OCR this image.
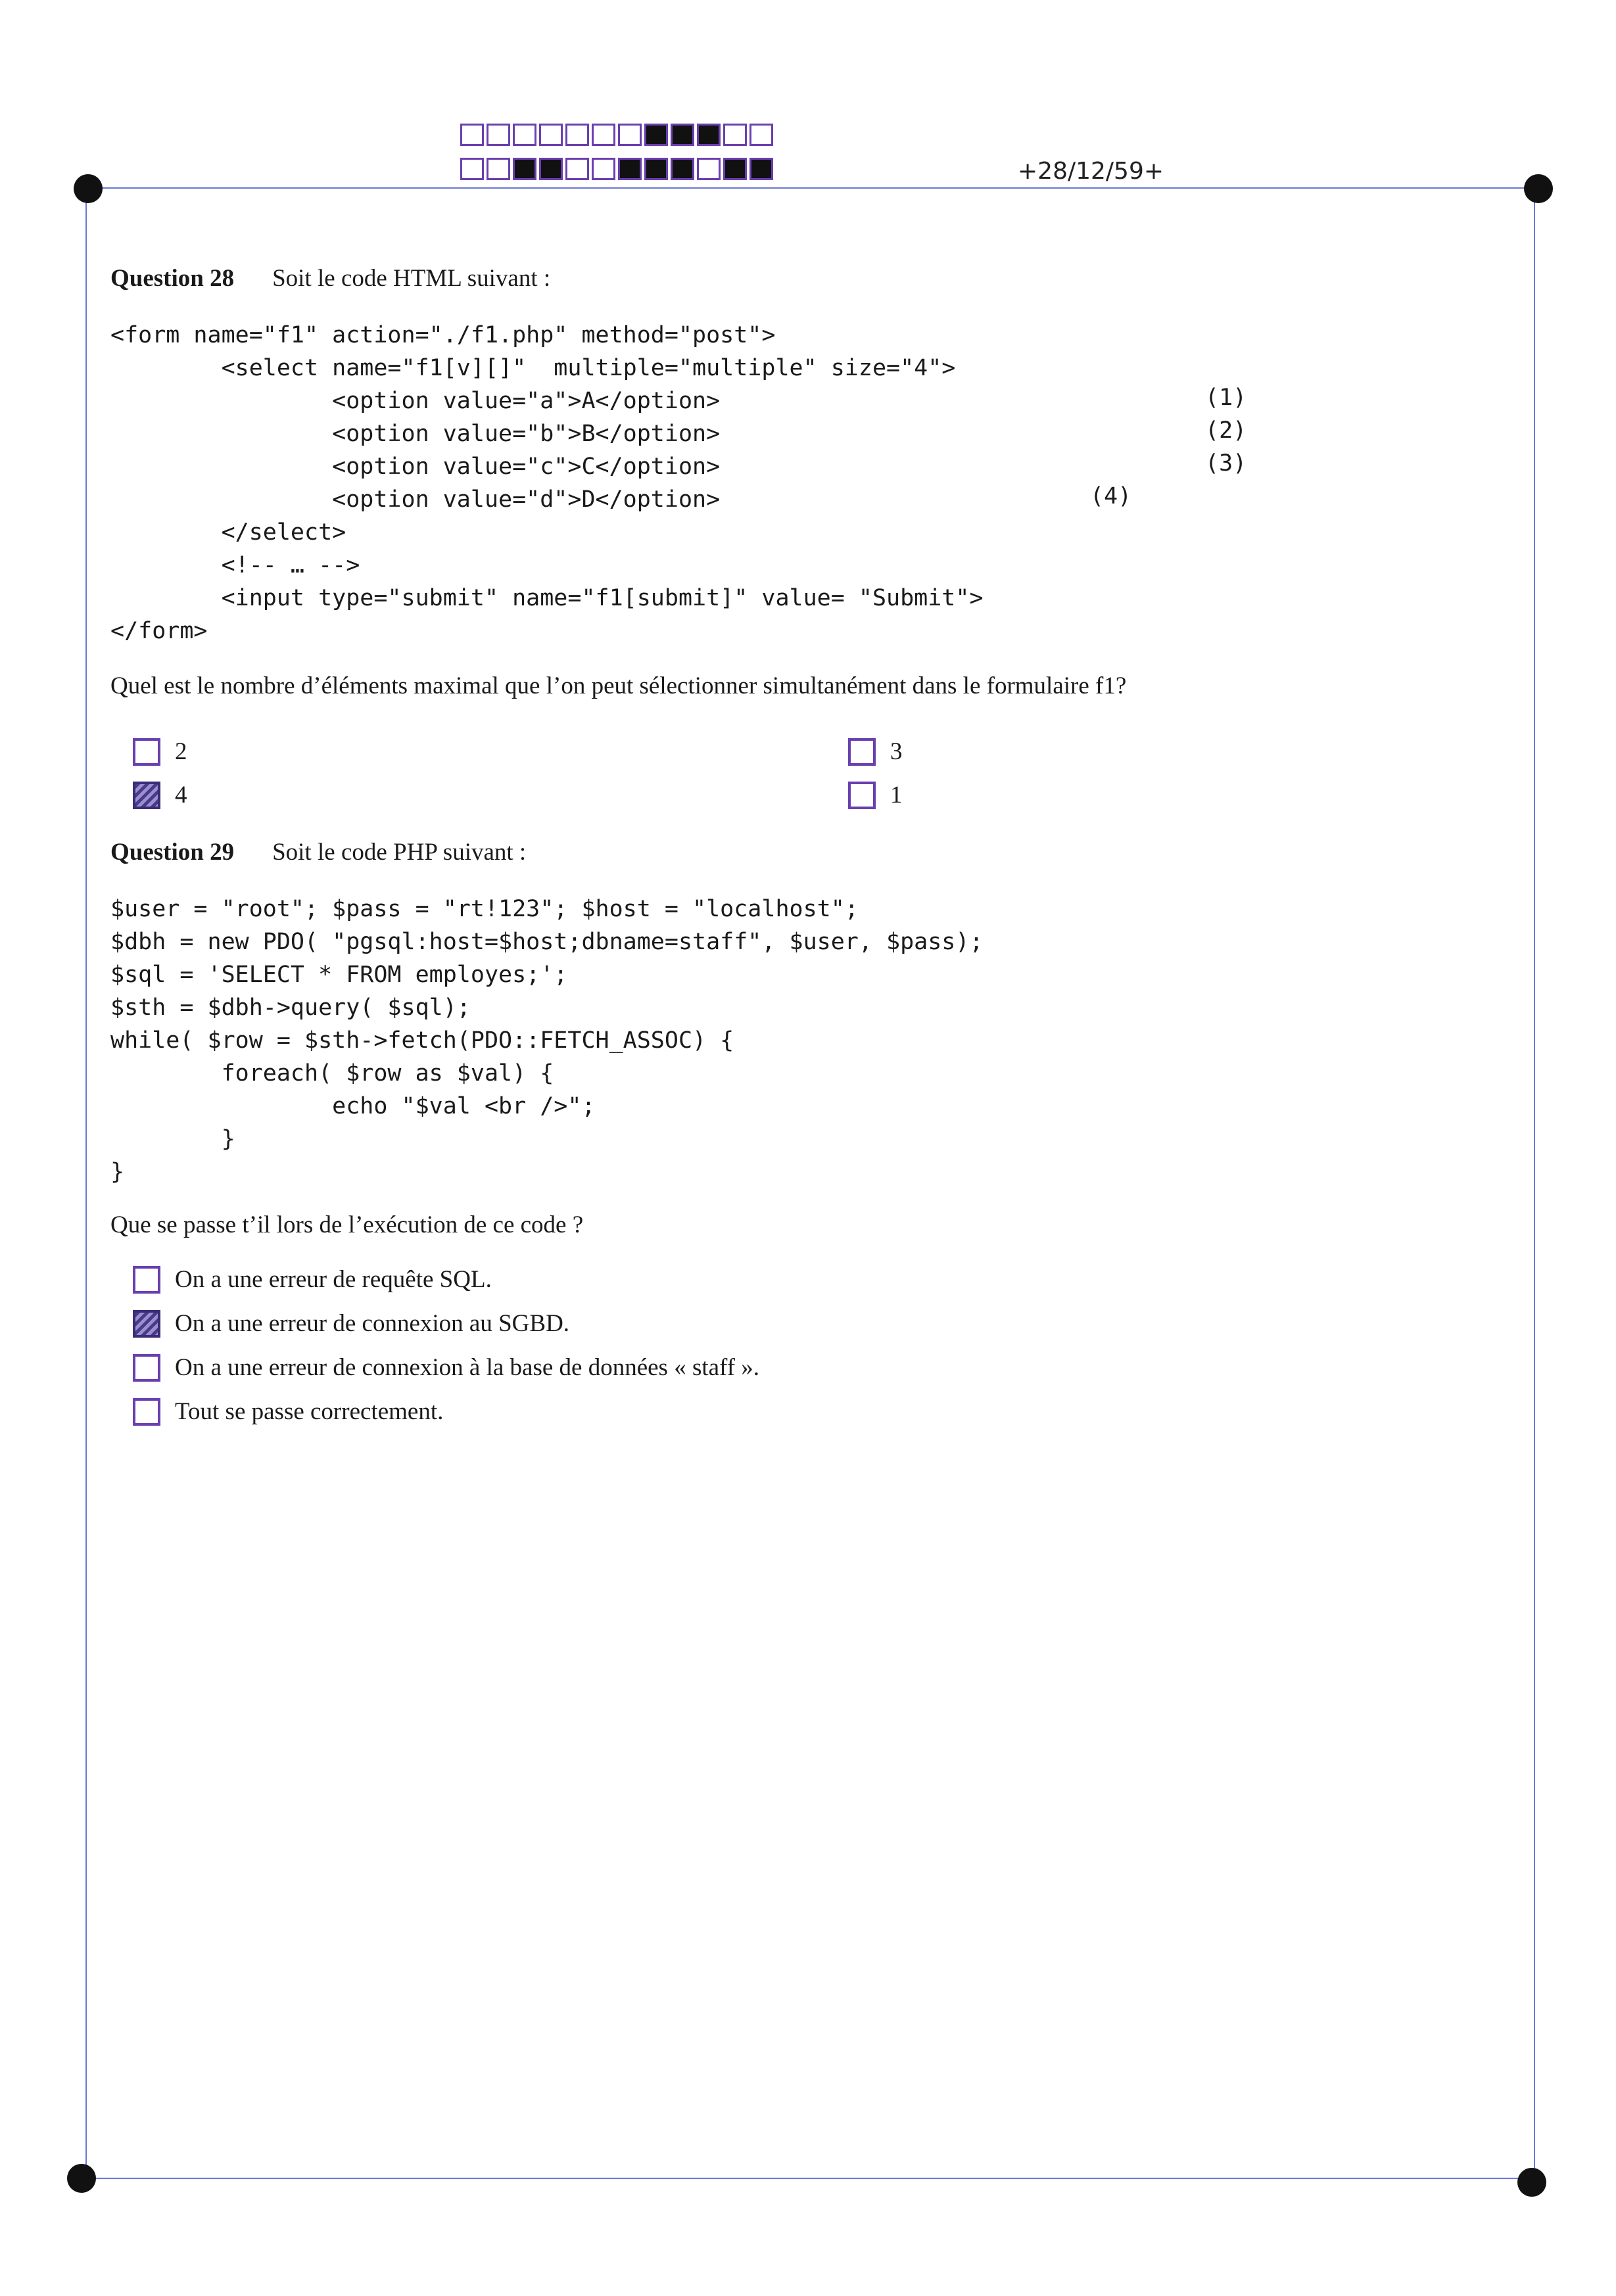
+28/12/59+
Question 28 Soit le code HTML suivant :
<form name="f1" action="./f1.php" method="post">
<select name="f1[v][]"  multiple="multiple" size="4">
<option value="a">A</option>
<option value="b">B</option>
<option value="c">C</option>
<option value="d">D</option>
</select>
<!-- … -->
<input type="submit" name="f1[submit]" value= "Submit">
</form>
(1)
(2)
(3)
(4)
Quel est le nombre d’éléments maximal que l’on peut sélectionner simultanément dans le formulaire f1?
2
4
3
1
Question 29 Soit le code PHP suivant :
$user = "root"; $pass = "rt!123"; $host = "localhost";
$dbh = new PDO( "pgsql:host=$host;dbname=staff", $user, $pass);
$sql = 'SELECT * FROM employes;';
$sth = $dbh->query( $sql);
while( $row = $sth->fetch(PDO::FETCH_ASSOC) {
foreach( $row as $val) {
echo "$val <br />";
}
}
Que se passe t’il lors de l’exécution de ce code ?
On a une erreur de requête SQL.
On a une erreur de connexion au SGBD.
On a une erreur de connexion à la base de données « staff ».
Tout se passe correctement.
